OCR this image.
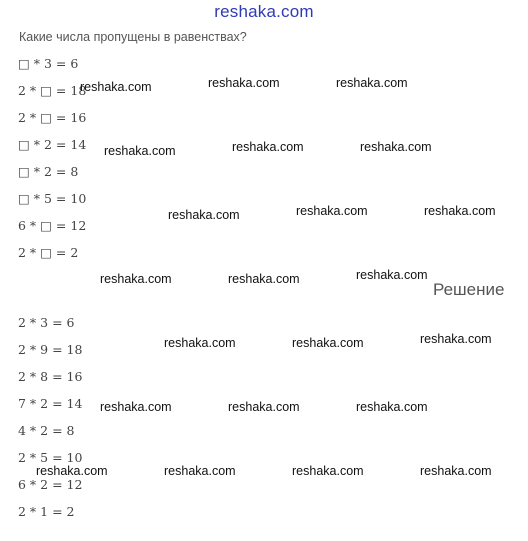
reshaka.com
Какие числа пропущены в равенствах?
□ * 3 = 6
2 * □ = 18
2 * □ = 16
□ * 2 = 14
□ * 2 = 8
□ * 5 = 10
6 * □ = 12
2 * □ = 2
Решение
2 * 3 = 6
2 * 9 = 18
2 * 8 = 16
7 * 2 = 14
4 * 2 = 8
2 * 5 = 10
6 * 2 = 12
2 * 1 = 2
reshaka.com	reshaka.com	reshaka.com
reshaka.com	reshaka.com	reshaka.com
reshaka.com	reshaka.com	reshaka.com
reshaka.com	reshaka.com	reshaka.com
reshaka.com	reshaka.com	reshaka.com
reshaka.com	reshaka.com	reshaka.com
reshaka.com	reshaka.com	reshaka.com	reshaka.com
